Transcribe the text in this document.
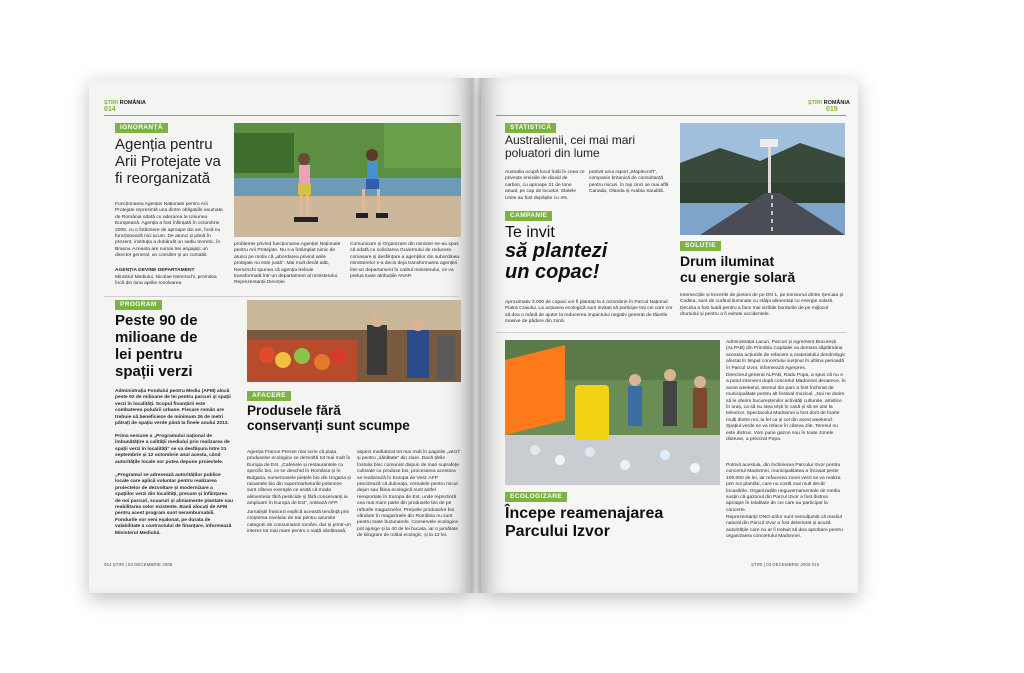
ȘTIRI ROMÂNIA
014
IGNORANȚĂ
Agenția pentru
Arii Protejate va
fi reorganizată
Funcționarea Agenției Naționale pentru Arii Protejate reprezintă una dintre obligațiile asumate de România odată cu aderarea la Uniunea Europeană. Agenția a fost înființată în octombrie 2008, cu o întârziere de aproape doi ani, însă nu funcționează nici acum. De atunci și până în prezent, instituția a dobândit un sediu teoretic, în Brașov. Aceasta are numai trei angajați: un director general, un consilier și un contabil.
AGENȚIA DEVINE DEPARTAMENT
Ministrul Mediului, Nicolae Nemirschi, promitea încă din luna aprilie rezolvarea
problemei privind funcționarea Agenției Naționale pentru Arii Protejate. Nu s-a întâmplat nimic de atunci pe motiv că „abordarea privind ariile protejate nu este justă”. Mai mult decât atât, Nemirschi spunea că agenția trebuie transformată într-un departament al ministerului. Reprezentanții Direcției
Comunicare și Organizare din minister ne-au spus că odată cu solicitarea Guvernului de reducere, comasare și desființare a agențiilor din subordinea ministerelor s-a decis deja transformarea agenției într-un departament în cadrul ministerului, ce va prelua toate atribuțiile ANAP.
PROGRAM
Peste 90 de
milioane de
lei pentru
spații verzi
Administrația Fondului pentru Mediu (AFM) alocă peste 92 de milioane de lei pentru parcuri și spații verzi în localități. Scopul finanțării este combaterea poluării urbane. Fiecare român are trebuie să beneficieze de minimum 26 de metri pătrați de spațiu verde până la finele anului 2013.
Prima sesiune a „Programului național de îmbunătățire a calității mediului prin realizarea de spații verzi în localități” se va desfășura între 21 septembrie și 12 octombrie anul acesta, când autoritățile locale vor putea depune proiectele.
„Programul se adresează autorităților publice locale care aplică voluntar pentru realizarea proiectelor de dezvoltare și modernizare a spațiilor verzi din localități, precum și înființarea de noi parcuri, scuaruri și aliniamente plantate sau reabilitarea celor existente. Banii alocați de AFM pentru acest program sunt nerambursabili. Fondurile vor veni eșalonat, pe durata de valabilitate a contractului de finanțare, informează Ministerul Mediului.
AFACERE
Produsele fără
conservanți sunt scumpe
Agenția France Presse mai scrie că piața produselor ecologice se dezvoltă tot mai mult în Europa de Est. „Cafenele și restaurantele cu specific bio, ce se deschid în România și în Bulgaria, numeroasele piețele bio din Ungaria și raioanele bio din supermarketurile poloneze sunt câteva exemple ce arată că moda alimentelor fără pesticide și fără conservanți ia amploare în Europa de Est”, notează AFP.
Jurnaliștii francezi explică această tendință prin creșterea nivelului de trai pentru anumite categorii de consumatori români, dar și printr-un interes tot mai mare pentru o viață sănătoasă,
aspect mediatizat tot mai mult în paginile „verzi” și pentru „sănătate” din ziare. Dacă țările fostului bloc comunist dispun de mari suprafețe cultivate cu produse bio, procesarea acestora se realizează în Europa de Vest. AFP precizează că dulceața, cerealele pentru micul dejun sau făina ecologică sunt astfel reexportate în Europa de Est, unde reprezintă cea mai mare parte din produsele bio de pe rafturile magazinelor. Prețurile produselor bio vândute în magazinele din România nu sunt pentru toate buzunarele. Conservele ecologice pot ajunge și la 40 de lei bucata, iar o jumătate de kilogram de mălai ecologic, și la 12 lei.
014 ȘTIRI | 03 DECEMBRIE 2009
ȘTIRI ROMÂNIA
015
STATISTICĂ
Australienii, cei mai mari
poluatori din lume
Australia ocupă locul întâi în ceea ce privește emisiile de dioxid de carbon, cu aproape 21 de tone anual, pe cap de locuitor. Statele Unite au fost depășite cu 4%.
potrivit unui raport „Maplecroft”, companie britanică de consultanță pentru riscuri. În top cinci se mai află Canada, Olanda și Arabia Saudită.
CAMPANIE
Te invit
să plantezi
un copac!
SOLUȚIE
Drum iluminat
cu energie solară
Intersecțiile și trecerile de pietoni de pe DN 1, pe tronsonul dintre Șercaia și Codlea, sunt de curând iluminate cu stâlpi alimentați cu energie solară. Decizia a fost luată pentru a face mai vizibile bordurile de pe mijlocul drumului și pentru a fi evitate accidentele.
Aproximativ 3.000 de copaci vor fi plantați la 4 octombrie în Parcul Național Piatra Craiului. La acțiunea ecologică sunt invitați să participe toți cei care vor să dea o mână de ajutor la reducerea impactului negativ generat de tăierile masive de pădure din zonă.
Administrația Lacuri, Parcuri și Agrement București (ALPAB) din Primăria Capitalei va demara săptămâna aceasta acțiunile de refacere a materialului dendrologic afectat în timpul concertului susținut în ultima perioadă în Parcul Izvor, informează Agerpres.
Directorul general ALPAB, Radu Popa, a spus că nu s-a putut interveni după concertul Madonnei deoarece, în acest weekend, terenul din parc a fost închiriat de municipalitate pentru alt festival muzical. „Noi ne dorim să le oferim bucureștenilor activități culturale, artistice în oraș, ca să nu stea triști în casă și să se uite la televizor. Spectacolul Madonnei a fost dorit de foarte mulți dintre noi, la fel ca și cel din acest weekend. Spațiul verde se va reface în câteva zile. Terenul nu este distrus. Vom pune gazon nou în toate zonele distruse, a precizat Popa.
Potrivit acestuia, din închirierea Parcului Izvor pentru concertul Madonnei, municipalitatea a încasat peste 100.000 de lei, iar refacerea zonei verzi se va realiza prin noi plantări, care nu costă mai mult decât încasările. Organizațiile neguvernamentale de mediu susțin că gazonul din Parcul Izvor a fost distrus aproape în totalitate de cei care au participat la concerte.
Reprezentanții ONG-urilor sunt nemulțumiți că mediul natural din Parcul Izvor a fost deteriorat și acuză autoritățile care nu ar fi trebuit să dea aprobare pentru organizarea concertului Madonnei.
ECOLOGIZARE
Începe reamenajarea
Parcului Izvor
ȘTIRI | 03 DECEMBRIE 2009 015
